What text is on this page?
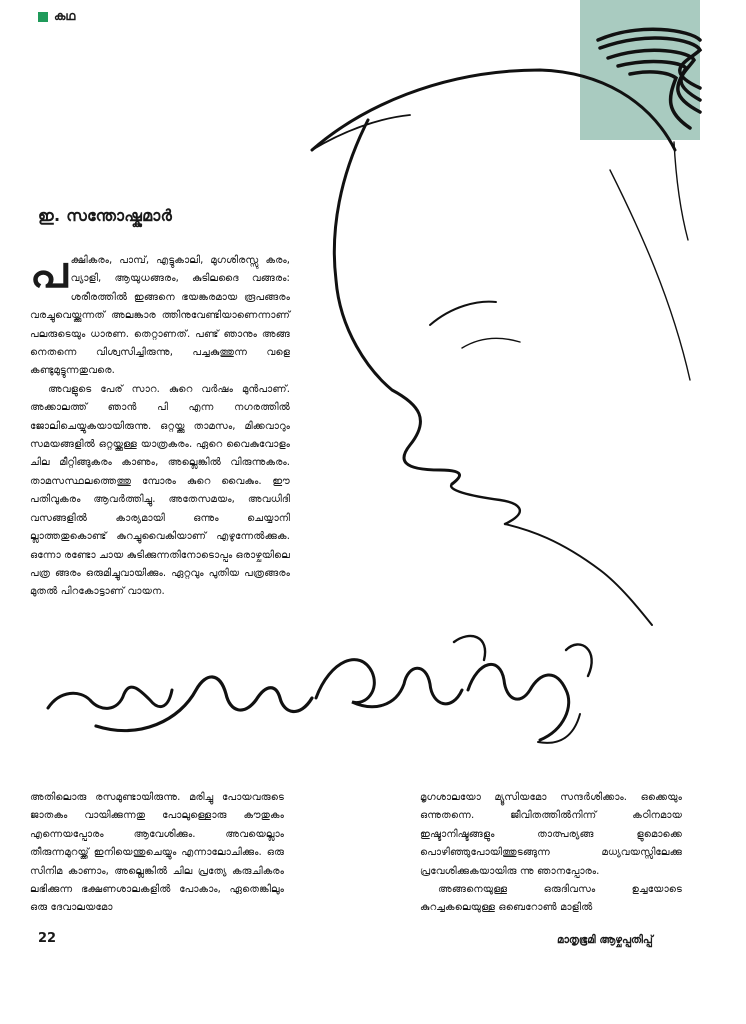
കഥ
ഇ. സന്തോഷ്കുമാർ

പക്ഷികരം, പാമ്പ്, എട്ടുകാലി, മുഗശിരസ്സു കരം, വ്യാളി, ആയുധങ്ങരം, കുടിലദൈ വങ്ങരം: ശരീരത്തിൽ ഇങ്ങനെ ഭയങ്കരമായ രൂപങ്ങരം വരച്ചുവെയ്ക്കുന്നത് അലങ്കാര ത്തിനുവേണ്ടിയാണെന്നാണ് പലരുടെയും ധാരണ. തെറ്റാണത്. പണ്ട് ഞാനും അങ്ങ നെതന്നെ വിശ്വസിച്ചിരുന്നു, പച്ചകുത്തുന്ന വളെ കണ്ടുമുട്ടുന്നതുവരെ.

അവളുടെ പേര് സാറ. കുറെ വർഷം മുൻപാണ്. അക്കാലത്ത് ഞാൻ പി എന്ന നഗരത്തിൽ ജോലിചെയ്യുകയായിരുന്നു. ഒറ്റയ്ക്കു താമസം, മിക്കവാറും സമയങ്ങളിൽ ഒറ്റയ്ക്കുള്ള യാത്രകരം. ഏറെ വൈകുവോളം ചില മീറ്റിങ്ങുകരം കാണും, അല്ലെങ്കിൽ വിരുന്നുകരം. താമസസ്ഥലത്തെത്തു മ്പോരം കുറെ വൈകും. ഈ പതിവുകരം ആവർത്തിച്ചു. അതേസമയം, അവധിദി വസങ്ങളിൽ കാര്യമായി ഒന്നും ചെയ്യാനി ല്ലാത്തതുകൊണ്ട് കുറച്ചുവൈകിയാണ് എഴുന്നേൽക്കുക. ഒന്നോ രണ്ടോ ചായ കുടിക്കുന്നതിനോടൊപ്പം ഒരാഴ്ചയിലെ പത്ര ങ്ങരം ഒരുമിച്ചുവായിക്കും. ഏറ്റവും പുതിയ പത്രങ്ങരം മുതൽ പിറകോട്ടാണ് വായന.

അതിലൊരു രസമുണ്ടായിരുന്നു. മരിച്ചു പോയവരുടെ ജാതകം വായിക്കുന്നതു പോലുള്ളൊരു കൗതുകം എന്നെയപ്പോരം ആവേശിക്കും. അവയെല്ലാം തീരുന്നമുറയ്ക്ക് ഇനിയെന്തുചെയ്യും എന്നാലോചിക്കും. ഒരു സിനിമ കാണാം, അല്ലെങ്കിൽ ചില പ്രത്യേ കരുചികരം ലഭിക്കുന്ന ഭക്ഷണശാലകളിൽ പോകാം, ഏതെങ്കിലും ഒരു ദേവാലയമോ

മൃഗശാലയോ മ്യൂസിയമോ സന്ദർശിക്കാം. ഒക്കെയും ഒന്നുതന്നെ. ജീവിതത്തിൽനിന്ന് കഠിനമായ ഇഷ്ടാനിഷ്ടങ്ങളും താത്പര്യങ്ങ ളുമൊക്കെ പൊഴിഞ്ഞുപോയിത്തുടങ്ങുന്ന മധ്യവയസ്സിലേക്കു പ്രവേശിക്കുകയായിരു ന്നു ഞാനപ്പോരം.

അങ്ങനെയുള്ള ഒരുദിവസം ഉച്ചയോടെ കുറച്ചകലെയുള്ള ഒബെറോൺ മാളിൽ

22	മാതൃഭൂമി ആഴ്ചപ്പതിപ്പ്
